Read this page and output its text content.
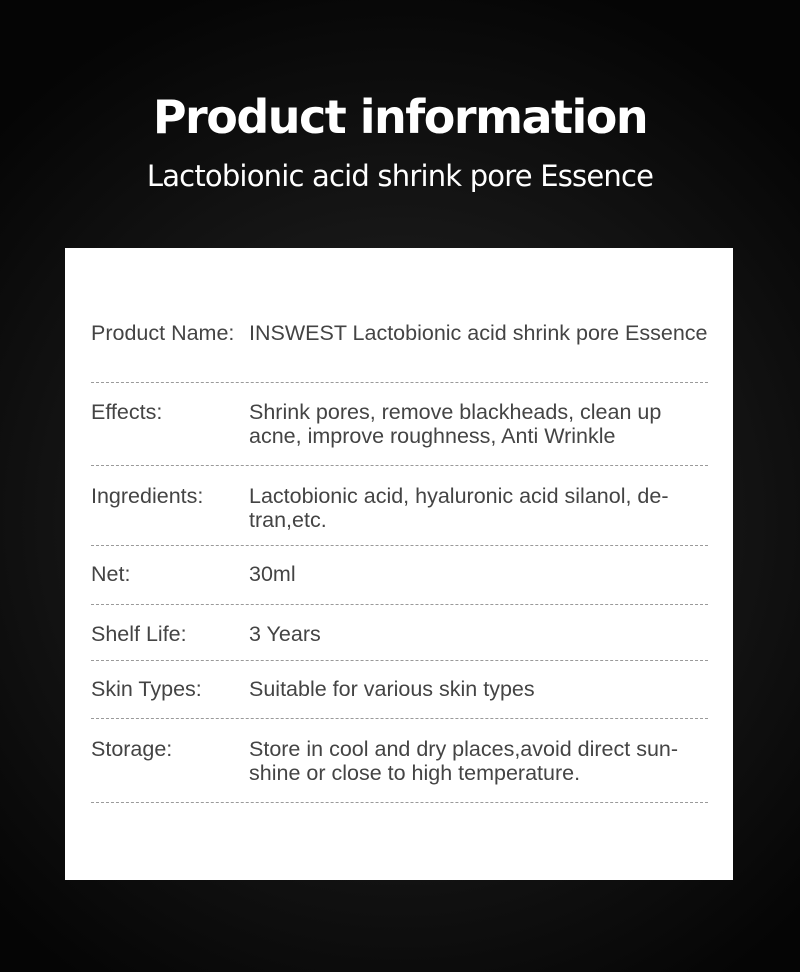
Product information
Lactobionic acid shrink pore Essence
Product Name: INSWEST Lactobionic acid shrink pore Essence
Effects:	Shrink pores, remove blackheads, clean up acne, improve roughness, Anti Wrinkle
Ingredients: Lactobionic acid, hyaluronic acid silanol, de-tran,etc.
Net:	30ml
Shelf Life:	3 Years
Skin Types: Suitable for various skin types
Storage:	Store in cool and dry places,avoid direct sun-shine or close to high temperature.
